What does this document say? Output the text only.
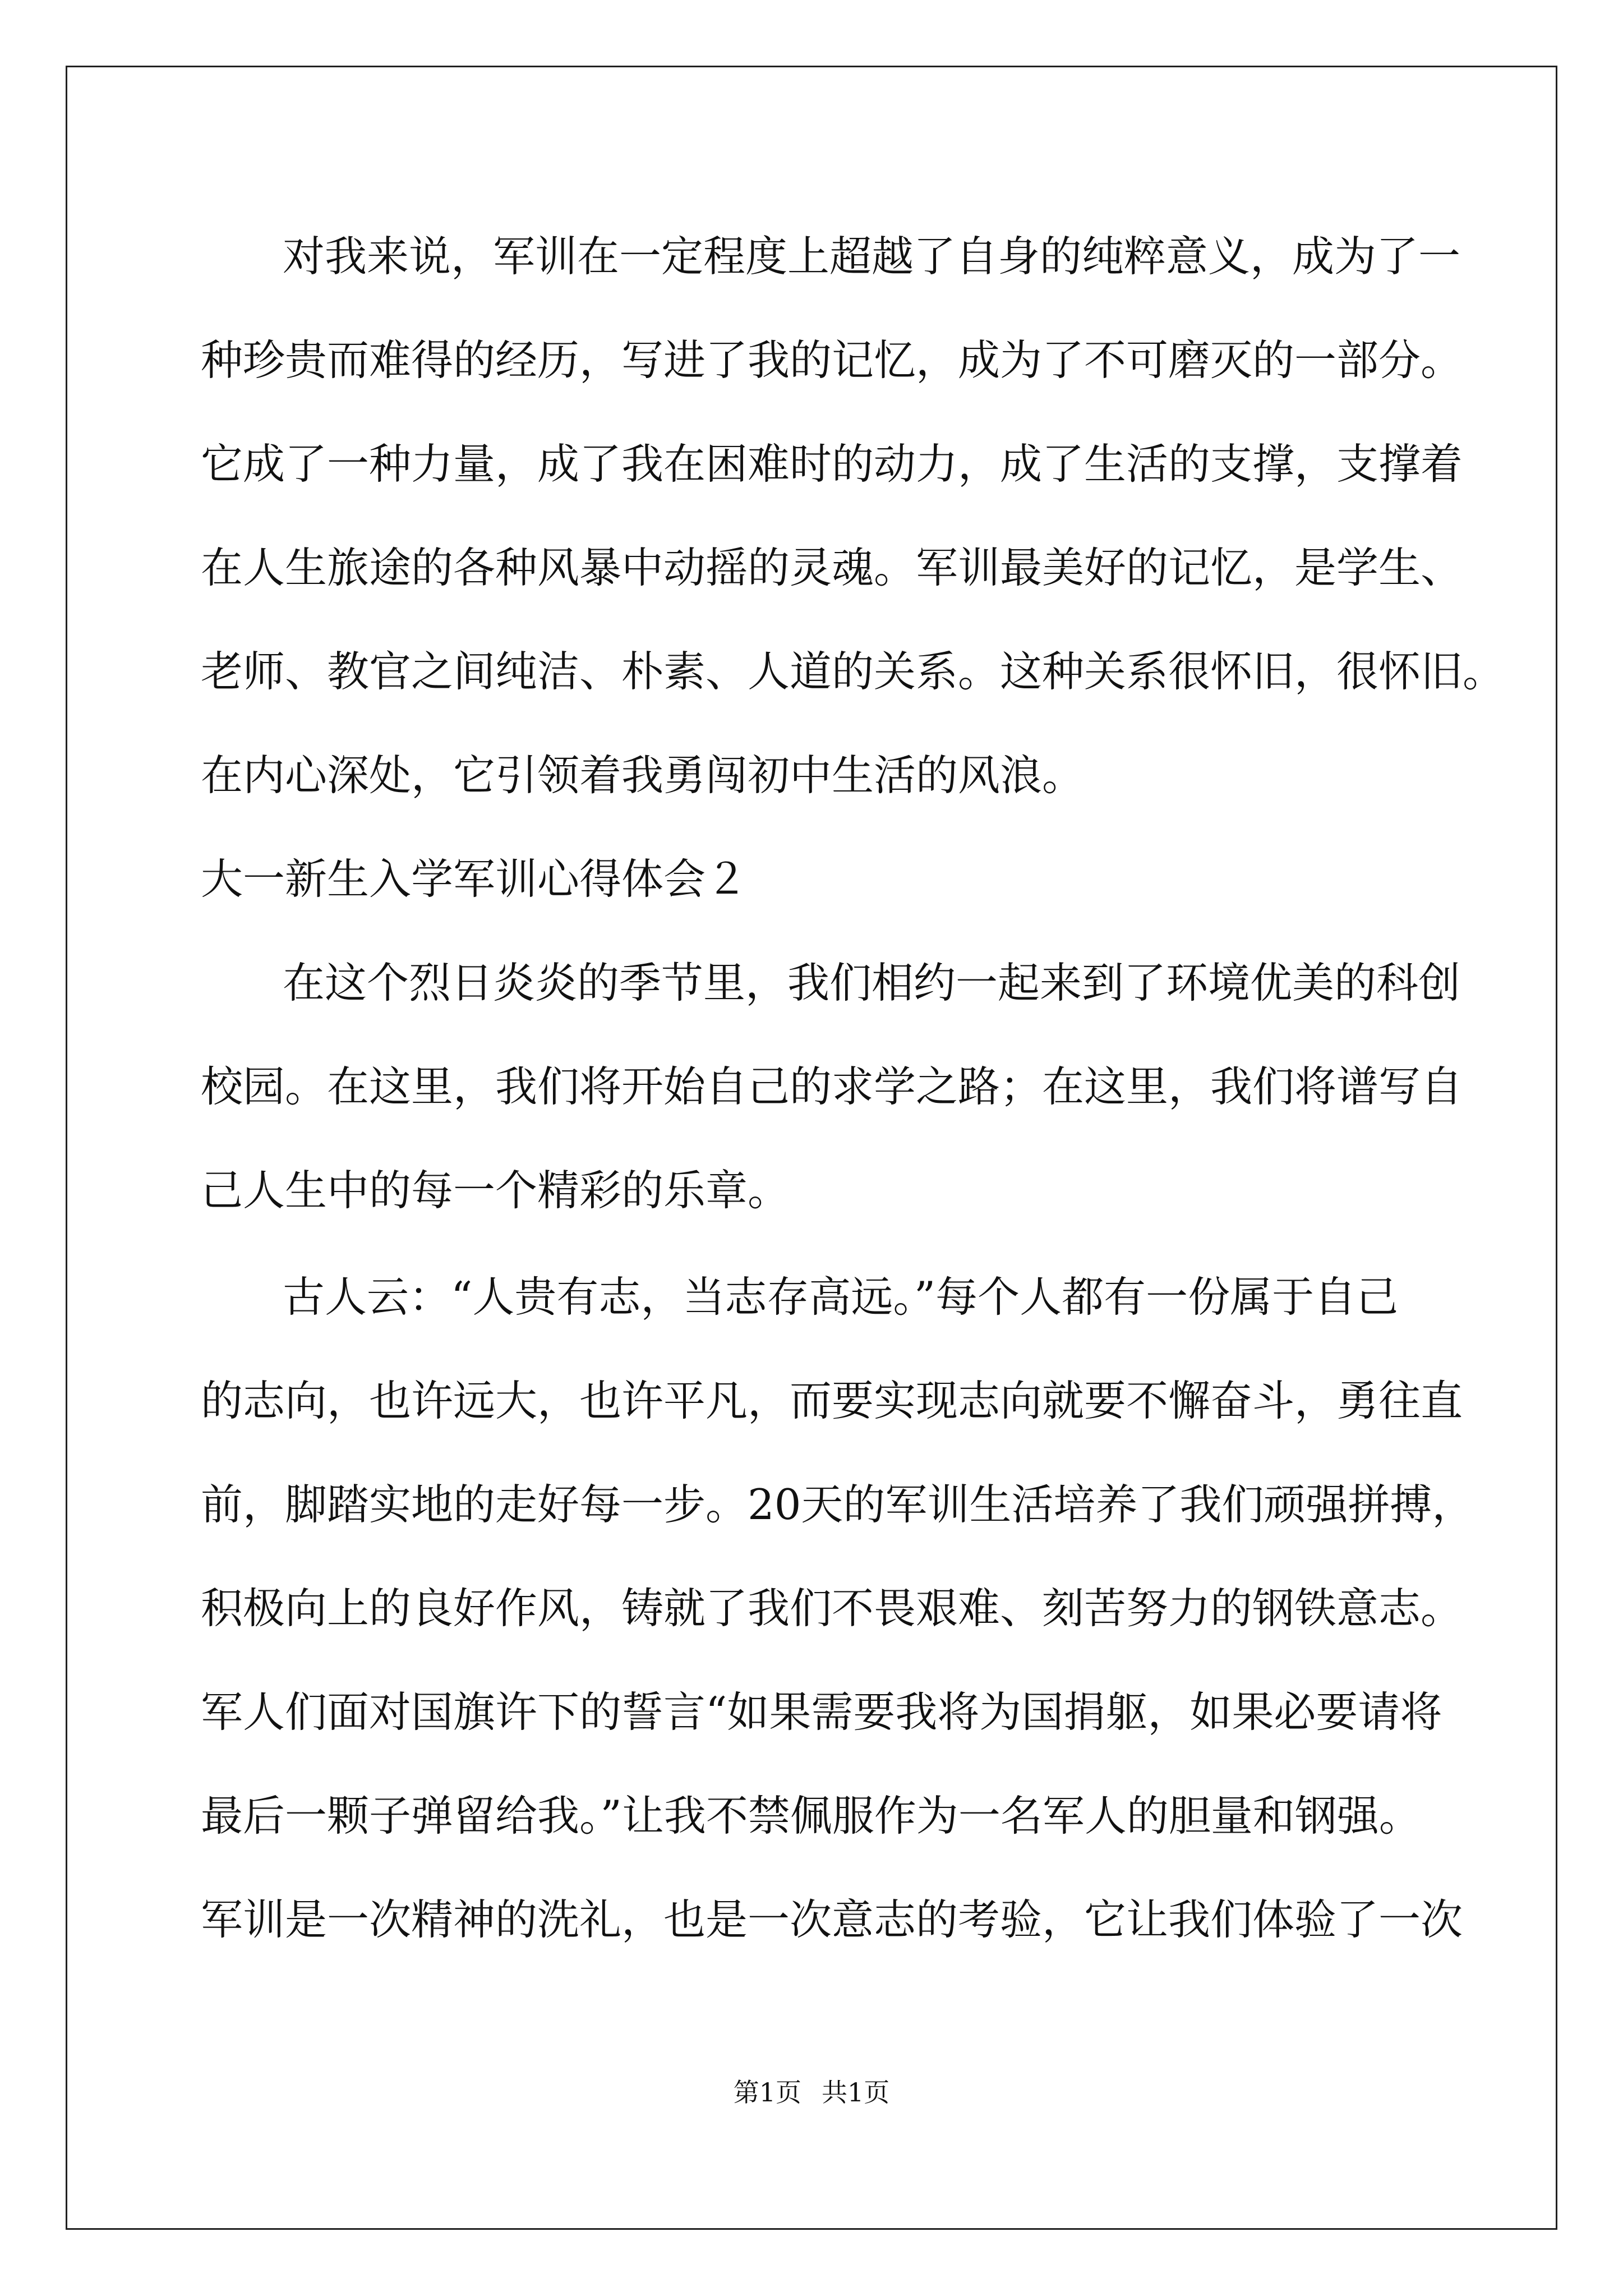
对我来说，军训在一定程度上超越了自身的纯粹意义，成为了一
种珍贵而难得的经历，写进了我的记忆，成为了不可磨灭的一部分。
它成了一种力量，成了我在困难时的动力，成了生活的支撑，支撑着
在人生旅途的各种风暴中动摇的灵魂。军训最美好的记忆，是学生、
老师、教官之间纯洁、朴素、人道的关系。这种关系很怀旧，很怀旧。
在内心深处，它引领着我勇闯初中生活的风浪。
大一新生入学军训心得体会２
在这个烈日炎炎的季节里，我们相约一起来到了环境优美的科创
校园。在这里，我们将开始自己的求学之路；在这里，我们将谱写自
己人生中的每一个精彩的乐章。
古人云：“人贵有志，当志存高远。”每个人都有一份属于自己
的志向，也许远大，也许平凡，而要实现志向就要不懈奋斗，勇往直
前，脚踏实地的走好每一步。20天的军训生活培养了我们顽强拼搏，
积极向上的良好作风，铸就了我们不畏艰难、刻苦努力的钢铁意志。
军人们面对国旗许下的誓言“如果需要我将为国捐躯，如果必要请将
最后一颗子弹留给我。”让我不禁佩服作为一名军人的胆量和钢强。
军训是一次精神的洗礼，也是一次意志的考验，它让我们体验了一次
第1页 共1页
